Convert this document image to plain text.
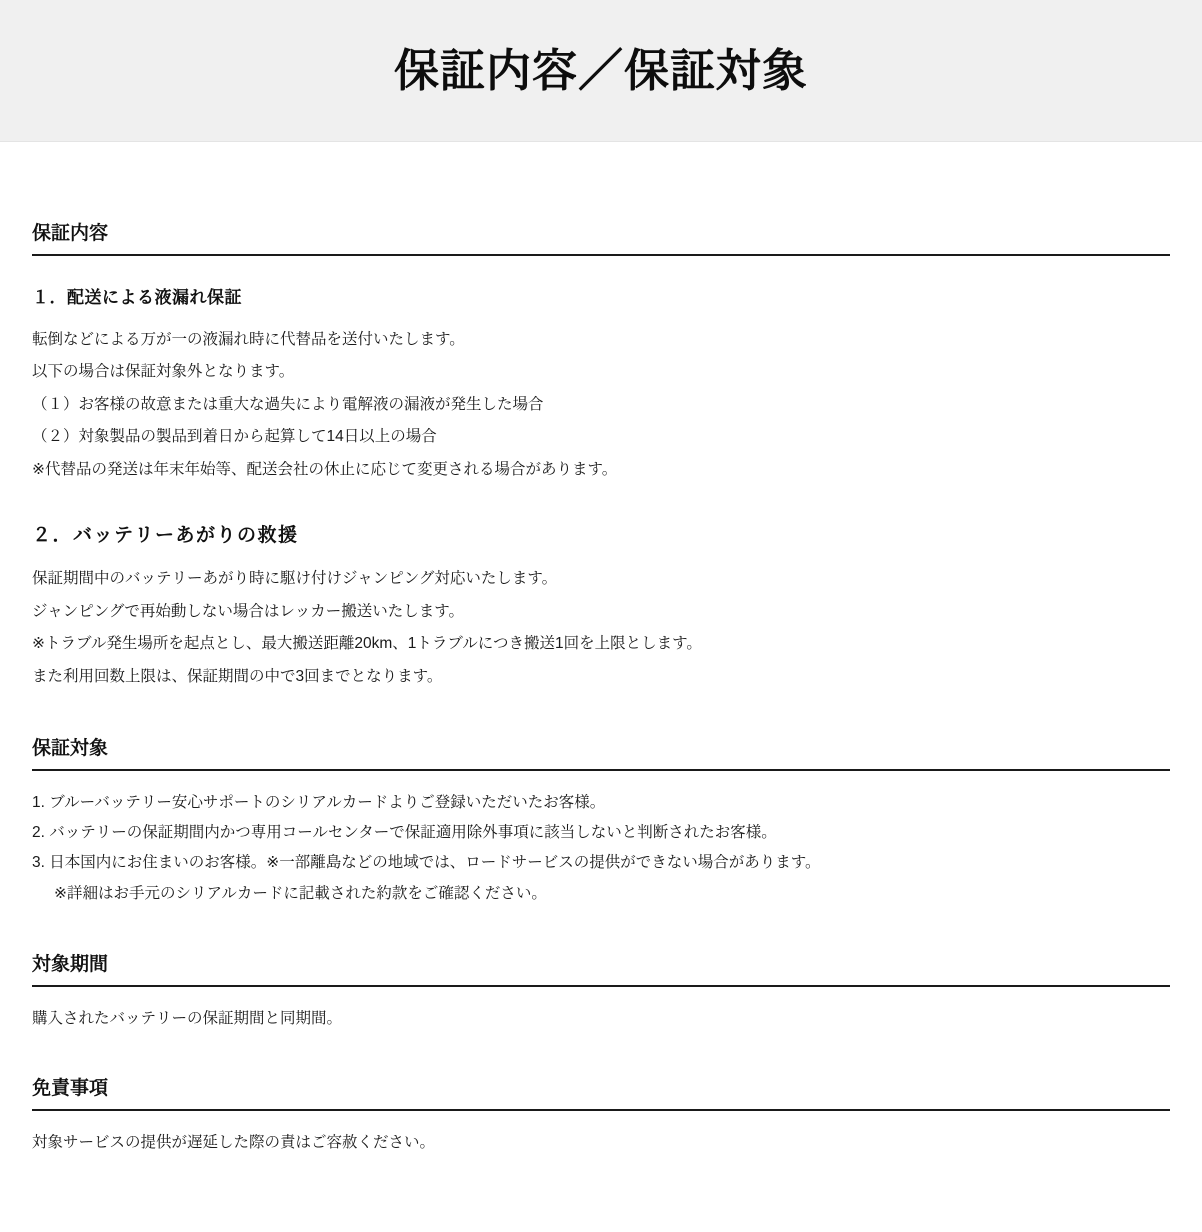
保証内容／保証対象
保証内容
１．配送による液漏れ保証

転倒などによる万が一の液漏れ時に代替品を送付いたします。

以下の場合は保証対象外となります。

（１）お客様の故意または重大な過失により電解液の漏液が発生した場合

（２）対象製品の製品到着日から起算して14日以上の場合

※代替品の発送は年末年始等、配送会社の休止に応じて変更される場合があります。

２．バッテリーあがりの救援

保証期間中のバッテリーあがり時に駆け付けジャンピング対応いたします。

ジャンピングで再始動しない場合はレッカー搬送いたします。

※トラブル発生場所を起点とし、最大搬送距離20km、1トラブルにつき搬送1回を上限とします。

また利用回数上限は、保証期間の中で3回までとなります。

保証対象
1. ブルーバッテリー安心サポートのシリアルカードよりご登録いただいたお客様。
2. バッテリーの保証期間内かつ専用コールセンターで保証適用除外事項に該当しないと判断されたお客様。
3. 日本国内にお住まいのお客様。※一部離島などの地域では、ロードサービスの提供ができない場合があります。
※詳細はお手元のシリアルカードに記載された約款をご確認ください。
対象期間

購入されたバッテリーの保証期間と同期間。

免責事項

対象サービスの提供が遅延した際の責はご容赦ください。
